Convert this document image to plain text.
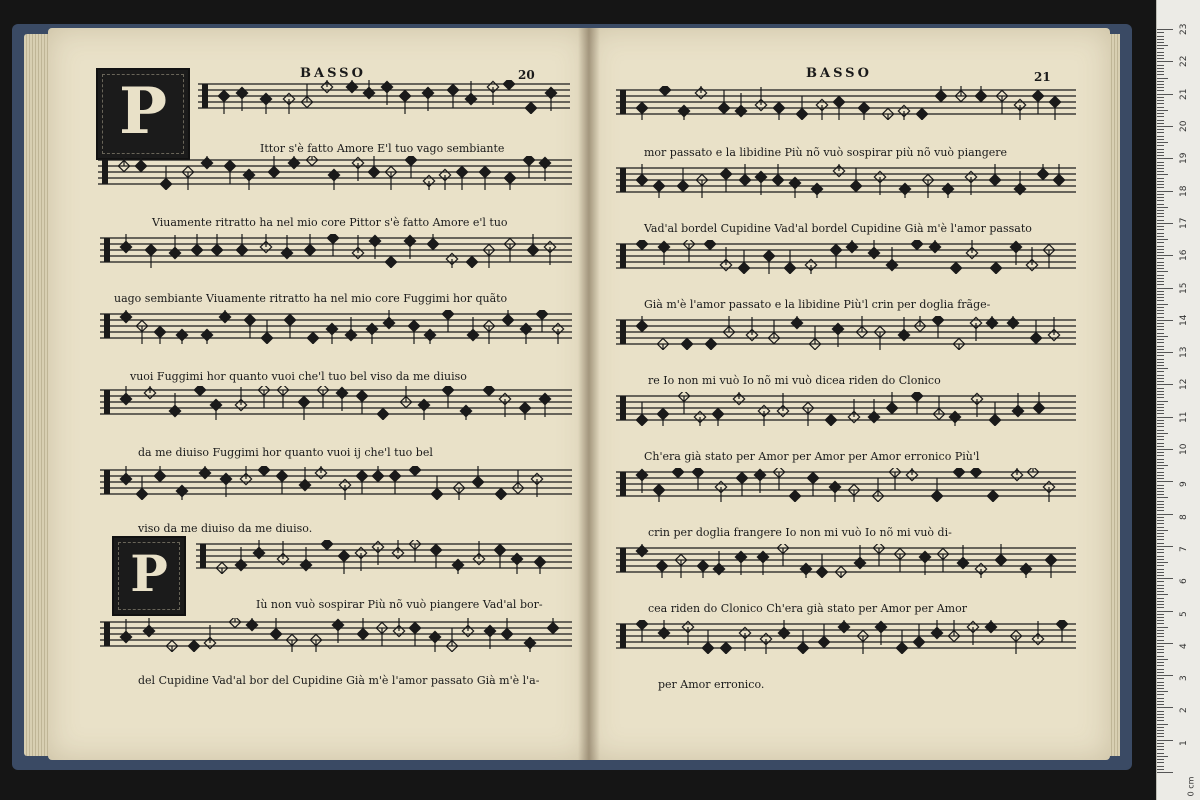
BASSO	20
P	Ittor s'è fatto Amore E'l tuo vago sembiante
Viuamente ritratto ha nel mio core Pittor s'è fatto Amore e'l tuo
uago sembiante Viuamente ritratto ha nel mio core Fuggimi hor quãto
vuoi Fuggimi hor quanto vuoi che'l tuo bel viso da me diuiso
da me diuiso Fuggimi hor quanto vuoi ij che'l tuo bel
viso da me diuiso da me diuiso.
P
Iù non vuò sospirar Più nõ vuò piangere Vad'al bor-
del Cupidine Vad'al bor del Cupidine Già m'è l'amor passato Già m'è l'a-
BASSO	21
mor passato e la libidine Più nõ vuò sospirar più nõ vuò piangere
Vad'al bordel Cupidine Vad'al bordel Cupidine Già m'è l'amor passato
Già m'è l'amor passato e la libidine Più'l crin per doglia frãge-
re Io non mi vuò Io nõ mi vuò dicea riden do Clonico
Ch'era già stato per Amor per Amor per Amor erronico Più'l
crin per doglia frangere Io non mi vuò Io nõ mi vuò di-
cea riden do Clonico Ch'era già stato per Amor per Amor
per Amor erronico.
0 cm
1
2
3
4
5
6
7
8
9
10
11
12
13
14
15
16
17
18
19
20
21
22
23
